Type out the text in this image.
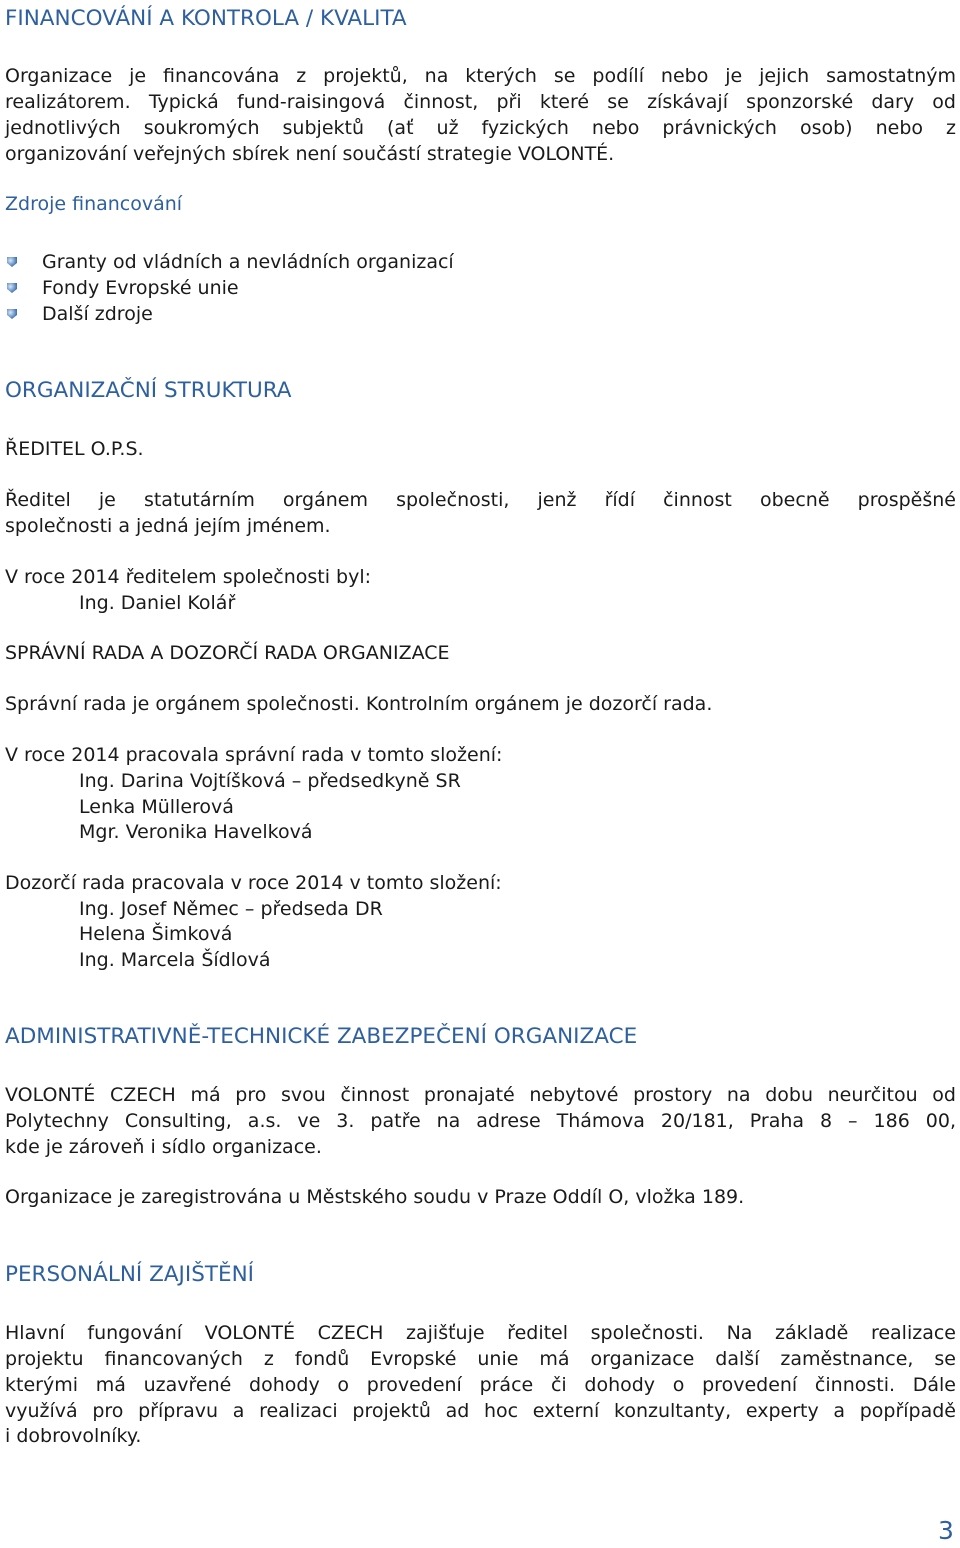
FINANCOVÁNÍ A KONTROLA / KVALITA
Organizace je financována z projektů, na kterých se podílí nebo je jejich samostatným
realizátorem. Typická fund-raisingová činnost, při které se získávají sponzorské dary od
jednotlivých soukromých subjektů (ať už fyzických nebo právnických osob) nebo z
organizování veřejných sbírek není součástí strategie VOLONTÉ.
Zdroje financování
Granty od vládních a nevládních organizací
Fondy Evropské unie
Další zdroje
ORGANIZAČNÍ STRUKTURA
ŘEDITEL O.P.S.
Ředitel je statutárním orgánem společnosti, jenž řídí činnost obecně prospěšné
společnosti a jedná jejím jménem.
V roce 2014 ředitelem společnosti byl:
Ing. Daniel Kolář
SPRÁVNÍ RADA A DOZORČÍ RADA ORGANIZACE
Správní rada je orgánem společnosti. Kontrolním orgánem je dozorčí rada.
V roce 2014 pracovala správní rada v tomto složení:
Ing. Darina Vojtíšková – předsedkyně SR
Lenka Müllerová
Mgr. Veronika Havelková
Dozorčí rada pracovala v roce 2014 v tomto složení:
Ing. Josef Němec – předseda DR
Helena Šimková
Ing. Marcela Šídlová
ADMINISTRATIVNĚ-TECHNICKÉ ZABEZPEČENÍ ORGANIZACE
VOLONTÉ CZECH má pro svou činnost pronajaté nebytové prostory na dobu neurčitou od
Polytechny Consulting, a.s. ve 3. patře na adrese Thámova 20/181, Praha 8 – 186 00,
kde je zároveň i sídlo organizace.
Organizace je zaregistrována u Městského soudu v Praze Oddíl O, vložka 189.
PERSONÁLNÍ ZAJIŠTĚNÍ
Hlavní fungování VOLONTÉ CZECH zajišťuje ředitel společnosti. Na základě realizace
projektu financovaných z fondů Evropské unie má organizace další zaměstnance, se
kterými má uzavřené dohody o provedení práce či dohody o provedení činnosti. Dále
využívá pro přípravu a realizaci projektů ad hoc externí konzultanty, experty a popřípadě
i dobrovolníky.
3
